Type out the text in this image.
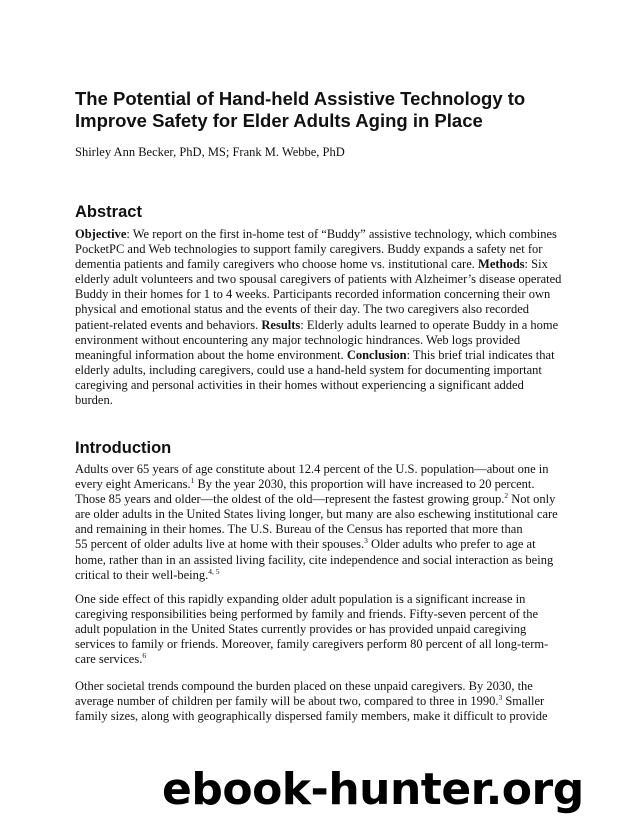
The Potential of Hand-held Assistive Technology to
Improve Safety for Elder Adults Aging in Place

Shirley Ann Becker, PhD, MS; Frank M. Webbe, PhD

Abstract

Objective: We report on the first in-home test of “Buddy” assistive technology, which combines
PocketPC and Web technologies to support family caregivers. Buddy expands a safety net for
dementia patients and family caregivers who choose home vs. institutional care. Methods: Six
elderly adult volunteers and two spousal caregivers of patients with Alzheimer’s disease operated
Buddy in their homes for 1 to 4 weeks. Participants recorded information concerning their own
physical and emotional status and the events of their day. The two caregivers also recorded
patient-related events and behaviors. Results: Elderly adults learned to operate Buddy in a home
environment without encountering any major technologic hindrances. Web logs provided
meaningful information about the home environment. Conclusion: This brief trial indicates that
elderly adults, including caregivers, could use a hand-held system for documenting important
caregiving and personal activities in their homes without experiencing a significant added
burden.

Introduction

Adults over 65 years of age constitute about 12.4 percent of the U.S. population—about one in
every eight Americans.$^1$ By the year 2030, this proportion will have increased to 20 percent.
Those 85 years and older—the oldest of the old—represent the fastest growing group.$^2$ Not only
are older adults in the United States living longer, but many are also eschewing institutional care
and remaining in their homes. The U.S. Bureau of the Census has reported that more than
55 percent of older adults live at home with their spouses.$^3$ Older adults who prefer to age at
home, rather than in an assisted living facility, cite independence and social interaction as being
critical to their well-being.$^{4, 5}$

One side effect of this rapidly expanding older adult population is a significant increase in
caregiving responsibilities being performed by family and friends. Fifty-seven percent of the
adult population in the United States currently provides or has provided unpaid caregiving
services to family or friends. Moreover, family caregivers perform 80 percent of all long-term-
care services.$^6$

Other societal trends compound the burden placed on these unpaid caregivers. By 2030, the
average number of children per family will be about two, compared to three in 1990.$^3$ Smaller
family sizes, along with geographically dispersed family members, make it difficult to provide

ebook-hunter.org
